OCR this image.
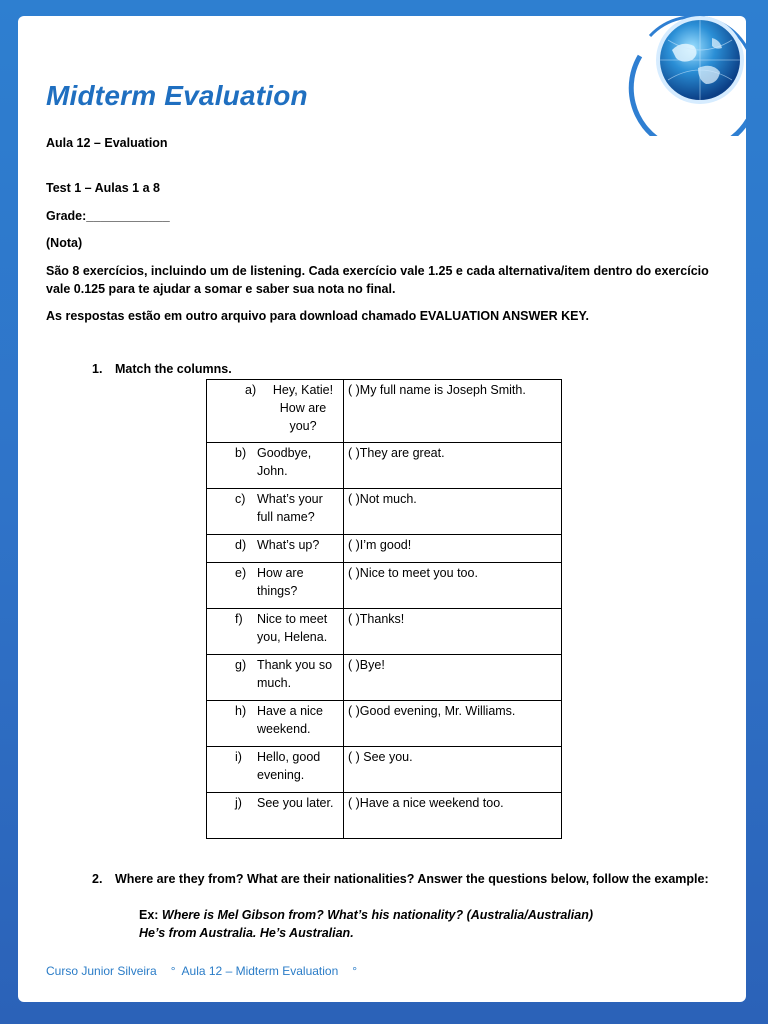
Midterm Evaluation

Aula 12 – Evaluation

Test 1 – Aulas 1 a 8

Grade:____________

(Nota)

São 8 exercícios, incluindo um de listening. Cada exercício vale 1.25 e cada alternativa/item dentro do exercício vale 0.125 para te ajudar a somar e saber sua nota no final.

As respostas estão em outro arquivo para download chamado EVALUATION ANSWER KEY.

1. Match the columns.
a) Hey, Katie! How are you?	( )My full name is Joseph Smith.

b) Goodbye, John.	( )They are great.

c) What’s your full name?	( )Not much.

d) What’s up?	( )I’m good!

e) How are things?	( )Nice to meet you too.

f) Nice to meet you, Helena.	( )Thanks!

g) Thank you so much.	( )Bye!

h) Have a nice weekend.	( )Good evening, Mr. Williams.

i) Hello, good evening.	( ) See you.

j) See you later.	( )Have a nice weekend too.
2. Where are they from? What are their nationalities? Answer the questions below, follow the example:
Ex: Where is Mel Gibson from? What’s his nationality? (Australia/Australian)
He’s from Australia. He’s Australian.
Curso Junior Silveira ° Aula 12 – Midterm Evaluation °
